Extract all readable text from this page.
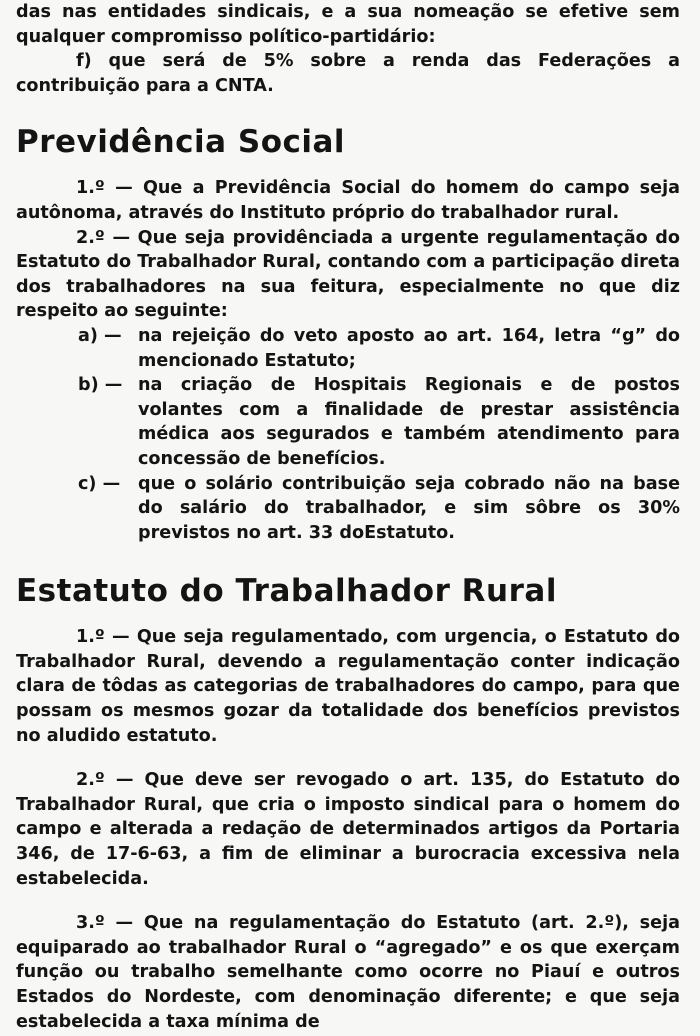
das nas entidades sindicais, e a sua nomeação se efetive sem qualquer compromisso político-partidário:

f) que será de 5% sobre a renda das Federações a contribuição para a CNTA.

Previdência Social

1.º — Que a Previdência Social do homem do campo seja autônoma, através do Instituto próprio do trabalhador rural.

2.º — Que seja providênciada a urgente regulamentação do Estatuto do Trabalhador Rural, contando com a participação direta dos trabalhadores na sua feitura, especialmente no que diz respeito ao seguinte:

a) — na rejeição do veto aposto ao art. 164, letra “g” do mencionado Estatuto;
b) — na criação de Hospitais Regionais e de postos volantes com a finalidade de prestar assistência médica aos segurados e também atendimento para concessão de benefícios.
c) —	que o solário contribuição seja cobrado não na base do salário do trabalhador, e sim sôbre os 30% previstos no art. 33 doEstatuto.
Estatuto do Trabalhador Rural

1.º — Que seja regulamentado, com urgencia, o Estatuto do Trabalhador Rural, devendo a regulamentação conter indicação clara de tôdas as categorias de trabalhadores do campo, para que possam os mesmos gozar da totalidade dos benefícios previstos no aludido estatuto.

2.º — Que deve ser revogado o art. 135, do Estatuto do Trabalhador Rural, que cria o imposto sindical para o homem do campo e alterada a redação de determinados artigos da Portaria 346, de 17-6-63, a fim de eliminar a burocracia excessiva nela estabelecida.

3.º — Que na regulamentação do Estatuto (art. 2.º), seja equiparado ao trabalhador Rural o “agregado” e os que exerçam função ou trabalho semelhante como ocorre no Piauí e outros Estados do Nordeste, com denominação diferente; e que seja estabelecida a taxa mínima de
